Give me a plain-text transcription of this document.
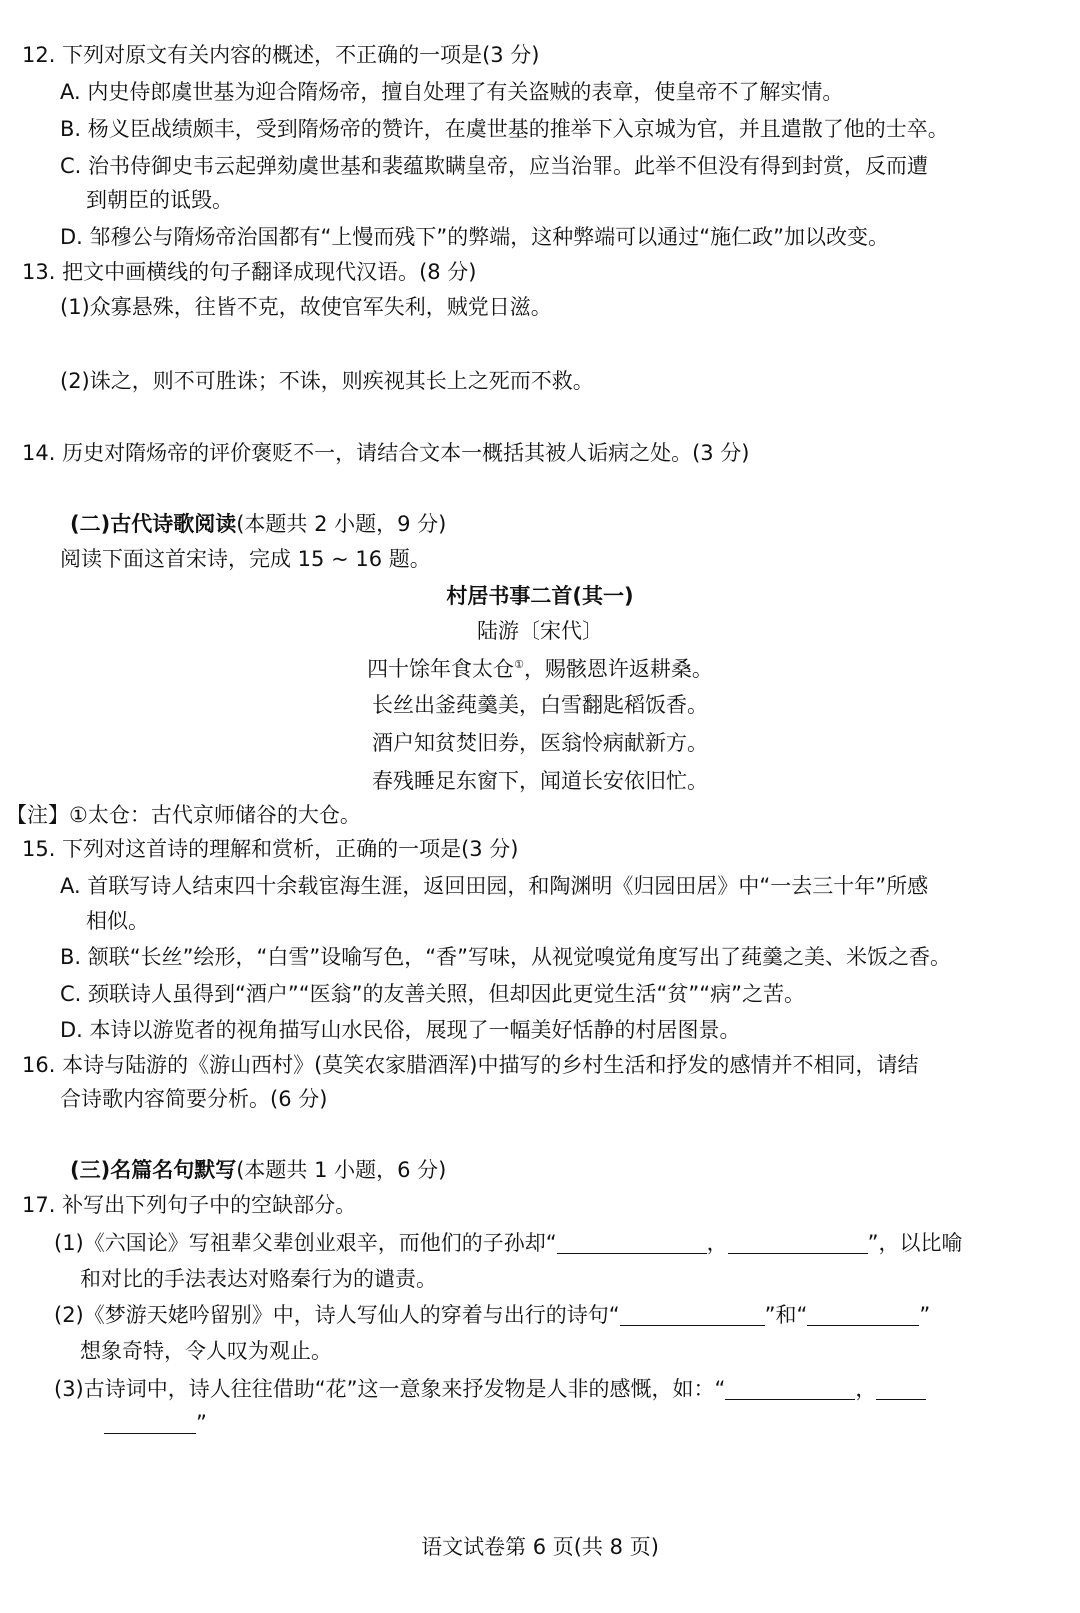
12. 下列对原文有关内容的概述，不正确的一项是(3 分)
A. 内史侍郎虞世基为迎合隋炀帝，擅自处理了有关盗贼的表章，使皇帝不了解实情。
B. 杨义臣战绩颇丰，受到隋炀帝的赞许，在虞世基的推举下入京城为官，并且遣散了他的士卒。
C. 治书侍御史韦云起弹劾虞世基和裴蕴欺瞒皇帝，应当治罪。此举不但没有得到封赏，反而遭
到朝臣的诋毁。
D. 邹穆公与隋炀帝治国都有“上慢而残下”的弊端，这种弊端可以通过“施仁政”加以改变。
13. 把文中画横线的句子翻译成现代汉语。(8 分)
(1)众寡悬殊，往皆不克，故使官军失利，贼党日滋。
(2)诛之，则不可胜诛；不诛，则疾视其长上之死而不救。
14. 历史对隋炀帝的评价褒贬不一，请结合文本一概括其被人诟病之处。(3 分)
(二)古代诗歌阅读(本题共 2 小题，9 分)
阅读下面这首宋诗，完成 15 ~ 16 题。
村居书事二首(其一)
陆游〔宋代〕
四十馀年食太仓①，赐骸恩许返耕桑。
长丝出釜莼羹美，白雪翻匙稻饭香。
酒户知贫焚旧券，医翁怜病献新方。
春残睡足东窗下，闻道长安依旧忙。
【注】①太仓：古代京师储谷的大仓。
15. 下列对这首诗的理解和赏析，正确的一项是(3 分)
A. 首联写诗人结束四十余载宦海生涯，返回田园，和陶渊明《归园田居》中“一去三十年”所感
相似。
B. 颔联“长丝”绘形，“白雪”设喻写色，“香”写味，从视觉嗅觉角度写出了莼羹之美、米饭之香。
C. 颈联诗人虽得到“酒户”“医翁”的友善关照，但却因此更觉生活“贫”“病”之苦。
D. 本诗以游览者的视角描写山水民俗，展现了一幅美好恬静的村居图景。
16. 本诗与陆游的《游山西村》(莫笑农家腊酒浑)中描写的乡村生活和抒发的感情并不相同，请结
合诗歌内容简要分析。(6 分)
(三)名篇名句默写(本题共 1 小题，6 分)
17. 补写出下列句子中的空缺部分。
(1)《六国论》写祖辈父辈创业艰辛，而他们的子孙却“	，	”，以比喻
和对比的手法表达对赂秦行为的谴责。
(2)《梦游天姥吟留别》中，诗人写仙人的穿着与出行的诗句“	”和“	”
想象奇特，令人叹为观止。
(3)古诗词中，诗人往往借助“花”这一意象来抒发物是人非的感慨，如：“	，
”
语文试卷第 6 页(共 8 页)
